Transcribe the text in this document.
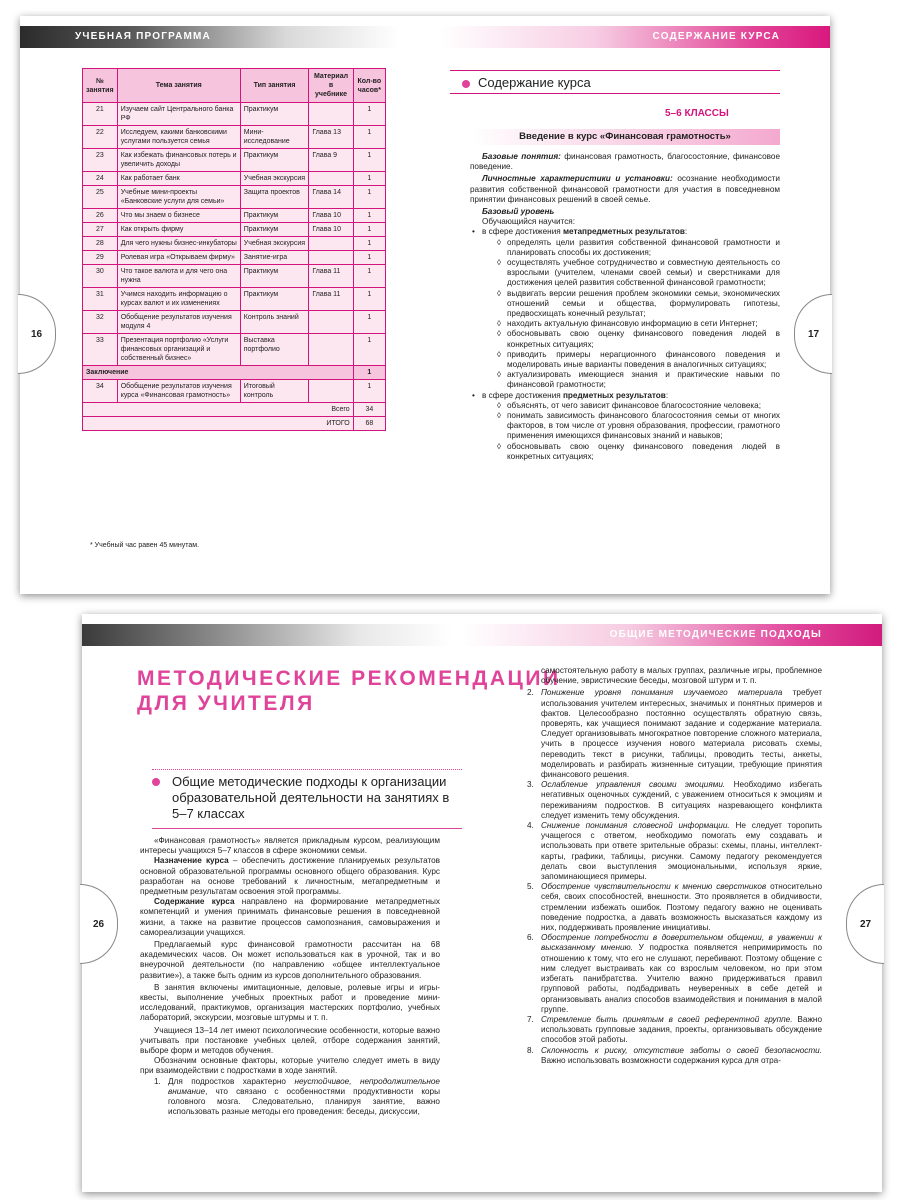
УЧЕБНАЯ ПРОГРАММА	СОДЕРЖАНИЕ КУРСА
16	17
№ занятия	Тема занятия	Тип занятия	Материал в учебнике	Кол-во часов*
21	Изучаем сайт Центрального банка РФ	Практикум		1
22	Исследуем, какими банковскими услугами пользуется семья	Мини-исследование	Глава 13	1
23	Как избежать финансовых потерь и увеличить доходы	Практикум	Глава 9	1
24	Как работает банк	Учебная экскурсия		1
25	Учебные мини-проекты «Банковские услуги для семьи»	Защита проектов	Глава 14	1
26	Что мы знаем о бизнесе	Практикум	Глава 10	1
27	Как открыть фирму	Практикум	Глава 10	1
28	Для чего нужны бизнес-инкубаторы	Учебная экскурсия		1
29	Ролевая игра «Открываем фирму»	Занятие-игра		1
30	Что такое валюта и для чего она нужна	Практикум	Глава 11	1
31	Учимся находить информацию о курсах валют и их изменениях	Практикум	Глава 11	1
32	Обобщение результатов изучения модуля 4	Контроль знаний		1
33	Презентация портфолио «Услуги финансовых организаций и собственный бизнес»	Выставка портфолио		1
Заключение				1
34	Обобщение результатов изучения курса «Финансовая грамотность»	Итоговый контроль		1
Всего				34
ИТОГО				68
* Учебный час равен 45 минутам.
Содержание курса
5–6 КЛАССЫ
Введение в курс «Финансовая грамотность»

Базовые понятия: финансовая грамотность, благосостояние, финансовое поведение.

Личностные характеристики и установки: осознание необходимости развития собственной финансовой грамотности для участия в повседневном принятии финансовых решений в своей семье.

Базовый уровень

Обучающийся научится:

• в сфере достижения метапредметных результатов:
◊ определять цели развития собственной финансовой грамотности и планировать способы их достижения;
◊ осуществлять учебное сотрудничество и совместную деятельность со взрослыми (учителем, членами своей семьи) и сверстниками для достижения целей развития собственной финансовой грамотности;
◊ выдвигать версии решения проблем экономики семьи, экономических отношений семьи и общества, формулировать гипотезы, предвосхищать конечный результат;
◊ находить актуальную финансовую информацию в сети Интернет;
◊ обосновывать свою оценку финансового поведения людей в конкретных ситуациях;
◊ приводить примеры нерагционного финансового поведения и моделировать иные варианты поведения в аналогичных ситуациях;
◊ актуализировать имеющиеся знания и практические навыки по финансовой грамотности;
• в сфере достижения предметных результатов:
◊ объяснять, от чего зависит финансовое благосостояние человека;
◊ понимать зависимость финансового благосостояния семьи от многих факторов, в том числе от уровня образования, профессии, грамотного применения имеющихся финансовых знаний и навыков;
◊ обосновывать свою оценку финансового поведения людей в конкретных ситуациях;
ОБЩИЕ МЕТОДИЧЕСКИЕ ПОДХОДЫ
26	27
МЕТОДИЧЕСКИЕ РЕКОМЕНДАЦИИ
ДЛЯ УЧИТЕЛЯ
Общие методические подходы к организации образовательной деятельности на занятиях в 5–7 классах

«Финансовая грамотность» является прикладным курсом, реализующим интересы учащихся 5–7 классов в сфере экономики семьи.

Назначение курса – обеспечить достижение планируемых результатов основной образовательной программы основного общего образования. Курс разработан на основе требований к личностным, метапредметным и предметным результатам освоения этой программы.

Содержание курса направлено на формирование метапредметных компетенций и умения принимать финансовые решения в повседневной жизни, а также на развитие процессов самопознания, самовыражения и самореализации учащихся.

Предлагаемый курс финансовой грамотности рассчитан на 68 академических часов. Он может использоваться как в урочной, так и во внеурочной деятельности (по направлению «общее интеллектуальное развитие»), а также быть одним из курсов дополнительного образования.

В занятия включены имитационные, деловые, ролевые игры и игры-квесты, выполнение учебных проектных работ и проведение мини-исследований, практикумов, организация мастерских портфолио, учебных лабораторий, экскурсии, мозговые штурмы и т. п.

Учащиеся 13–14 лет имеют психологические особенности, которые важно учитывать при постановке учебных целей, отборе содержания занятий, выборе форм и методов обучения.

Обозначим основные факторы, которые учителю следует иметь в виду при взаимодействии с подростками в ходе занятий.

1. Для подростков характерно неустойчивое, непродолжительное внимание, что связано с особенностями продуктивности коры головного мозга. Следовательно, планируя занятие, важно использовать разные методы его проведения: беседы, дискуссии,

самостоятельную работу в малых группах, различные игры, проблемное обучение, эвристические беседы, мозговой штурм и т. п.

2. Понижение уровня понимания изучаемого материала требует использования учителем интересных, значимых и понятных примеров и фактов. Целесообразно постоянно осуществлять обратную связь, проверять, как учащиеся понимают задание и содержание материала. Следует организовывать многократное повторение сложного материала, учить в процессе изучения нового материала рисовать схемы, переводить текст в рисунки, таблицы, проводить тесты, анкеты, моделировать и разбирать жизненные ситуации, требующие принятия финансового решения.
3. Ослабление управления своими эмоциями. Необходимо избегать негативных оценочных суждений, с уважением относиться к эмоциям и переживаниям подростков. В ситуациях назревающего конфликта следует изменить тему обсуждения.
4. Снижение понимания словесной информации. Не следует торопить учащегося с ответом, необходимо помогать ему создавать и использовать при ответе зрительные образы: схемы, планы, интеллект-карты, графики, таблицы, рисунки. Самому педагогу рекомендуется делать свои выступления эмоциональными, используя яркие, запоминающиеся примеры.
5. Обострение чувствительности к мнению сверстников относительно себя, своих способностей, внешности. Это проявляется в обидчивости, стремлении избежать ошибок. Поэтому педагогу важно не оценивать поведение подростка, а давать возможность высказаться каждому из них, поддерживать проявление инициативы.
6. Обострение потребности в доверительном общении, в уважении к высказанному мнению. У подростка появляется непримиримость по отношению к тому, что его не слушают, перебивают. Поэтому общение с ним следует выстраивать как со взрослым человеком, но при этом избегать панибратства. Учителю важно придерживаться правил групповой работы, подбадривать неуверенных в себе детей и организовывать анализ способов взаимодействия и понимания в малой группе.
7. Стремление быть принятым в своей референтной группе. Важно использовать групповые задания, проекты, организовывать обсуждение способов этой работы.
8. Склонность к риску, отсутствие заботы о своей безопасности. Важно использовать возможности содержания курса для отра-
